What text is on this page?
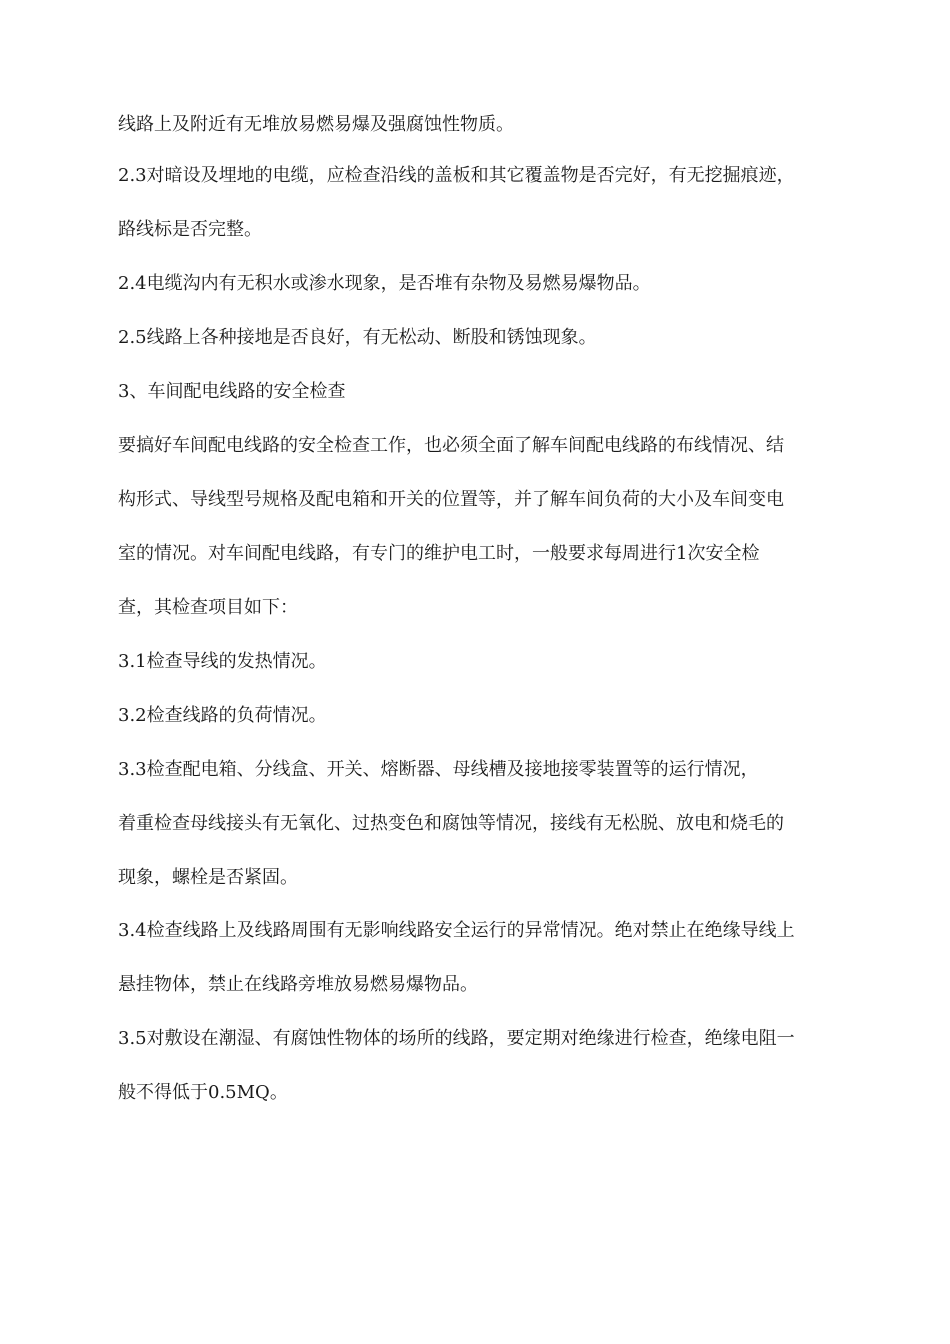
线路上及附近有无堆放易燃易爆及强腐蚀性物质。
2.3对暗设及埋地的电缆，应检查沿线的盖板和其它覆盖物是否完好，有无挖掘痕迹，
路线标是否完整。
2.4电缆沟内有无积水或渗水现象，是否堆有杂物及易燃易爆物品。
2.5线路上各种接地是否良好，有无松动、断股和锈蚀现象。
3、车间配电线路的安全检查
要搞好车间配电线路的安全检查工作，也必须全面了解车间配电线路的布线情况、结
构形式、导线型号规格及配电箱和开关的位置等，并了解车间负荷的大小及车间变电
室的情况。对车间配电线路，有专门的维护电工时，一般要求每周进行1次安全检
查，其检查项目如下：
3.1检查导线的发热情况。
3.2检查线路的负荷情况。
3.3检查配电箱、分线盒、开关、熔断器、母线槽及接地接零装置等的运行情况，
着重检查母线接头有无氧化、过热变色和腐蚀等情况，接线有无松脱、放电和烧毛的
现象，螺栓是否紧固。
3.4检查线路上及线路周围有无影响线路安全运行的异常情况。绝对禁止在绝缘导线上
悬挂物体，禁止在线路旁堆放易燃易爆物品。
3.5对敷设在潮湿、有腐蚀性物体的场所的线路，要定期对绝缘进行检查，绝缘电阻一
般不得低于0.5MQ。
